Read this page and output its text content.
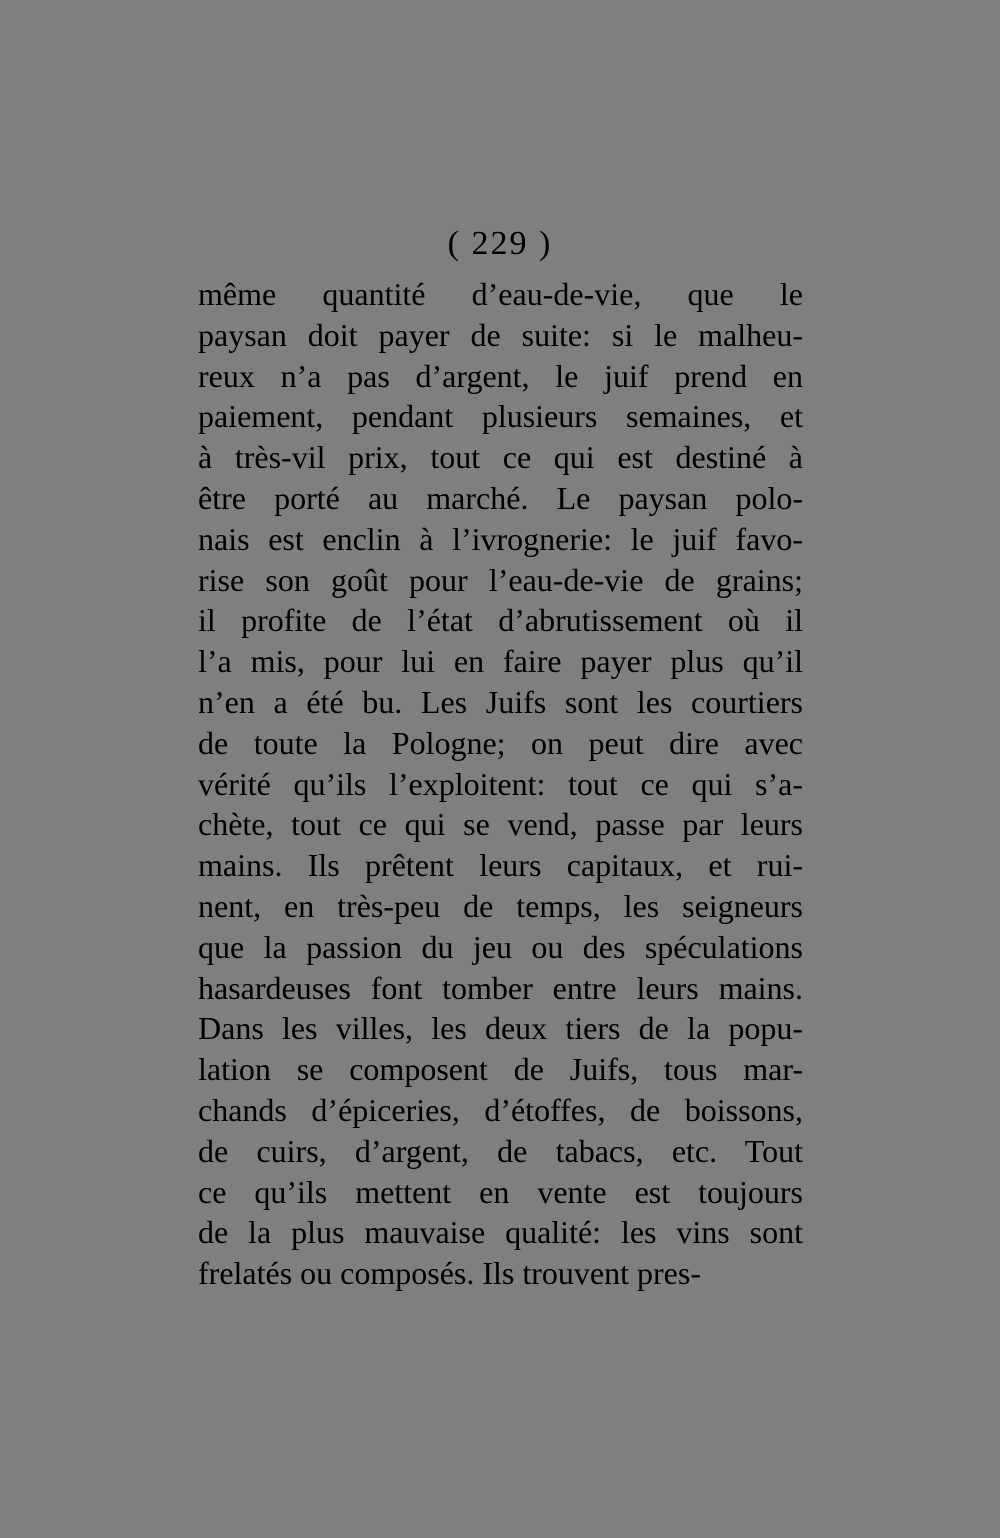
( 229 )
même quantité d’eau-de-vie, que le
paysan doit payer de suite: si le malheu-
reux n’a pas d’argent, le juif prend en
paiement, pendant plusieurs semaines, et
à très-vil prix, tout ce qui est destiné à
être porté au marché. Le paysan polo-
nais est enclin à l’ivrognerie: le juif favo-
rise son goût pour l’eau-de-vie de grains;
il profite de l’état d’abrutissement où il
l’a mis, pour lui en faire payer plus qu’il
n’en a été bu. Les Juifs sont les courtiers
de toute la Pologne; on peut dire avec
vérité qu’ils l’exploitent: tout ce qui s’a-
chète, tout ce qui se vend, passe par leurs
mains. Ils prêtent leurs capitaux, et rui-
nent, en très-peu de temps, les seigneurs
que la passion du jeu ou des spéculations
hasardeuses font tomber entre leurs mains.
Dans les villes, les deux tiers de la popu-
lation se composent de Juifs, tous mar-
chands d’épiceries, d’étoffes, de boissons,
de cuirs, d’argent, de tabacs, etc. Tout
ce qu’ils mettent en vente est toujours
de la plus mauvaise qualité: les vins sont
frelatés ou composés. Ils trouvent pres-
